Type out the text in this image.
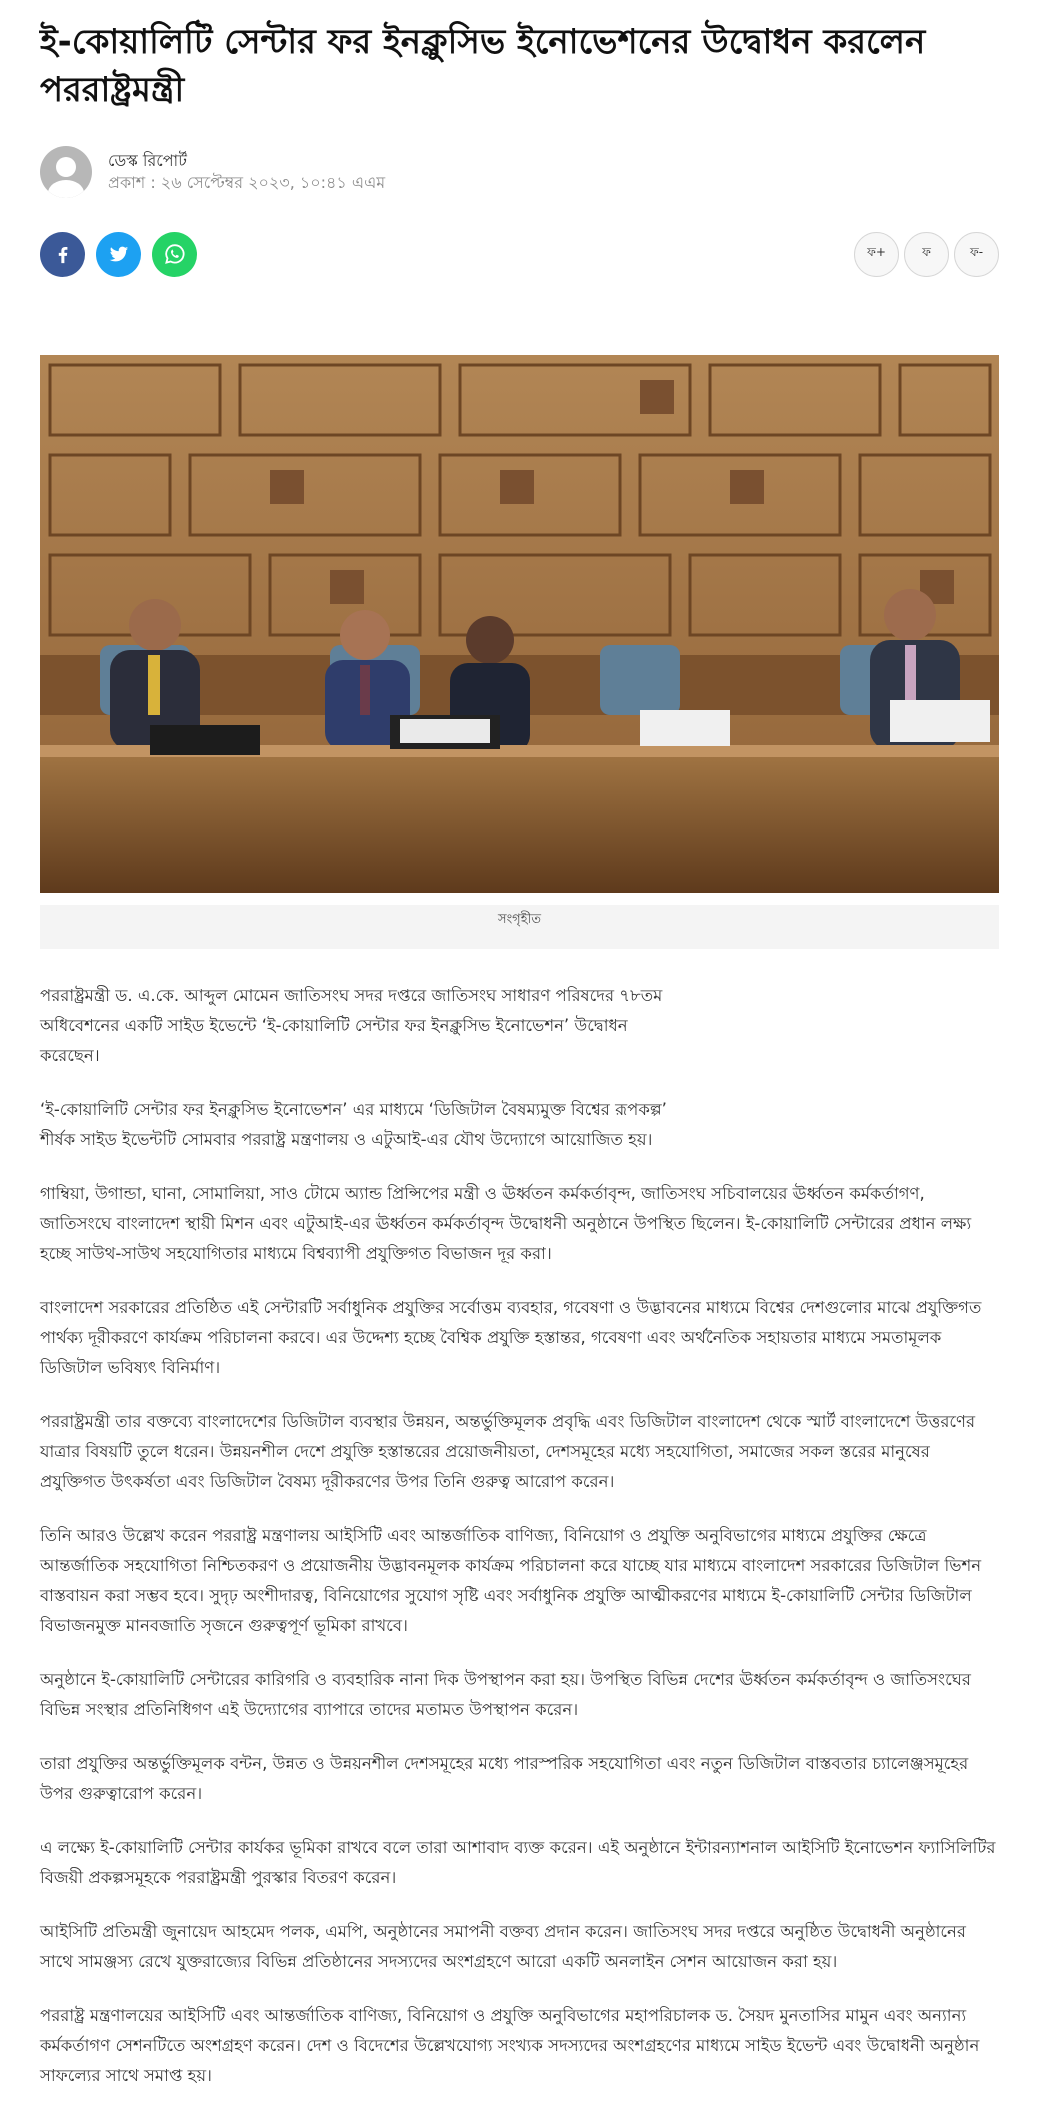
ই-কোয়ালিটি সেন্টার ফর ইনক্লুসিভ ইনোভেশনের উদ্বোধন করলেন পররাষ্ট্রমন্ত্রী
ডেস্ক রিপোর্ট
প্রকাশ : ২৬ সেপ্টেম্বর ২০২৩, ১০:৪১ এএম
ফ+	ফ	ফ-
সংগৃহীত

পররাষ্ট্রমন্ত্রী ড. এ.কে. আব্দুল মোমেন জাতিসংঘ সদর দপ্তরে জাতিসংঘ সাধারণ পরিষদের ৭৮তম অধিবেশনের একটি সাইড ইভেন্টে ‘ই-কোয়ালিটি সেন্টার ফর ইনক্লুসিভ ইনোভেশন’ উদ্বোধন করেছেন।

‘ই-কোয়ালিটি সেন্টার ফর ইনক্লুসিভ ইনোভেশন’ এর মাধ্যমে ‘ডিজিটাল বৈষম্যমুক্ত বিশ্বের রূপকল্প’ শীর্ষক সাইড ইভেন্টটি সোমবার পররাষ্ট্র মন্ত্রণালয় ও এটুআই-এর যৌথ উদ্যোগে আয়োজিত হয়।

গাম্বিয়া, উগান্ডা, ঘানা, সোমালিয়া, সাও টোমে অ্যান্ড প্রিন্সিপের মন্ত্রী ও ঊর্ধ্বতন কর্মকর্তাবৃন্দ, জাতিসংঘ সচিবালয়ের ঊর্ধ্বতন কর্মকর্তাগণ, জাতিসংঘে বাংলাদেশ স্থায়ী মিশন এবং এটুআই-এর ঊর্ধ্বতন কর্মকর্তাবৃন্দ উদ্বোধনী অনুষ্ঠানে উপস্থিত ছিলেন। ই-কোয়ালিটি সেন্টারের প্রধান লক্ষ্য হচ্ছে সাউথ-সাউথ সহযোগিতার মাধ্যমে বিশ্বব্যাপী প্রযুক্তিগত বিভাজন দূর করা।

বাংলাদেশ সরকারের প্রতিষ্ঠিত এই সেন্টারটি সর্বাধুনিক প্রযুক্তির সর্বোত্তম ব্যবহার, গবেষণা ও উদ্ভাবনের মাধ্যমে বিশ্বের দেশগুলোর মাঝে প্রযুক্তিগত পার্থক্য দূরীকরণে কার্যক্রম পরিচালনা করবে। এর উদ্দেশ্য হচ্ছে বৈশ্বিক প্রযুক্তি হস্তান্তর, গবেষণা এবং অর্থনৈতিক সহায়তার মাধ্যমে সমতামূলক ডিজিটাল ভবিষ্যৎ বিনির্মাণ।

পররাষ্ট্রমন্ত্রী তার বক্তব্যে বাংলাদেশের ডিজিটাল ব্যবস্থার উন্নয়ন, অন্তর্ভুক্তিমূলক প্রবৃদ্ধি এবং ডিজিটাল বাংলাদেশ থেকে স্মার্ট বাংলাদেশে উত্তরণের যাত্রার বিষয়টি তুলে ধরেন। উন্নয়নশীল দেশে প্রযুক্তি হস্তান্তরের প্রয়োজনীয়তা, দেশসমূহের মধ্যে সহযোগিতা, সমাজের সকল স্তরের মানুষের প্রযুক্তিগত উৎকর্ষতা এবং ডিজিটাল বৈষম্য দূরীকরণের উপর তিনি গুরুত্ব আরোপ করেন।

তিনি আরও উল্লেখ করেন পররাষ্ট্র মন্ত্রণালয় আইসিটি এবং আন্তর্জাতিক বাণিজ্য, বিনিয়োগ ও প্রযুক্তি অনুবিভাগের মাধ্যমে প্রযুক্তির ক্ষেত্রে আন্তর্জাতিক সহযোগিতা নিশ্চিতকরণ ও প্রয়োজনীয় উদ্ভাবনমূলক কার্যক্রম পরিচালনা করে যাচ্ছে যার মাধ্যমে বাংলাদেশ সরকারের ডিজিটাল ভিশন বাস্তবায়ন করা সম্ভব হবে। সুদৃঢ় অংশীদারত্ব, বিনিয়োগের সুযোগ সৃষ্টি এবং সর্বাধুনিক প্রযুক্তি আত্মীকরণের মাধ্যমে ই-কোয়ালিটি সেন্টার ডিজিটাল বিভাজনমুক্ত মানবজাতি সৃজনে গুরুত্বপূর্ণ ভূমিকা রাখবে।

অনুষ্ঠানে ই-কোয়ালিটি সেন্টারের কারিগরি ও ব্যবহারিক নানা দিক উপস্থাপন করা হয়। উপস্থিত বিভিন্ন দেশের ঊর্ধ্বতন কর্মকর্তাবৃন্দ ও জাতিসংঘের বিভিন্ন সংস্থার প্রতিনিধিগণ এই উদ্যোগের ব্যাপারে তাদের মতামত উপস্থাপন করেন।

তারা প্রযুক্তির অন্তর্ভুক্তিমূলক বন্টন, উন্নত ও উন্নয়নশীল দেশসমূহের মধ্যে পারস্পরিক সহযোগিতা এবং নতুন ডিজিটাল বাস্তবতার চ্যালেঞ্জসমূহের উপর গুরুত্বারোপ করেন।

এ লক্ষ্যে ই-কোয়ালিটি সেন্টার কার্যকর ভূমিকা রাখবে বলে তারা আশাবাদ ব্যক্ত করেন। এই অনুষ্ঠানে ইন্টারন্যাশনাল আইসিটি ইনোভেশন ফ্যাসিলিটির বিজয়ী প্রকল্পসমূহকে পররাষ্ট্রমন্ত্রী পুরস্কার বিতরণ করেন।

আইসিটি প্রতিমন্ত্রী জুনায়েদ আহমেদ পলক, এমপি, অনুষ্ঠানের সমাপনী বক্তব্য প্রদান করেন। জাতিসংঘ সদর দপ্তরে অনুষ্ঠিত উদ্বোধনী অনুষ্ঠানের সাথে সামঞ্জস্য রেখে যুক্তরাজ্যের বিভিন্ন প্রতিষ্ঠানের সদস্যদের অংশগ্রহণে আরো একটি অনলাইন সেশন আয়োজন করা হয়।

পররাষ্ট্র মন্ত্রণালয়ের আইসিটি এবং আন্তর্জাতিক বাণিজ্য, বিনিয়োগ ও প্রযুক্তি অনুবিভাগের মহাপরিচালক ড. সৈয়দ মুনতাসির মামুন এবং অন্যান্য কর্মকর্তাগণ সেশনটিতে অংশগ্রহণ করেন। দেশ ও বিদেশের উল্লেখযোগ্য সংখ্যক সদস্যদের অংশগ্রহণের মাধ্যমে সাইড ইভেন্ট এবং উদ্বোধনী অনুষ্ঠান সাফল্যের সাথে সমাপ্ত হয়।
